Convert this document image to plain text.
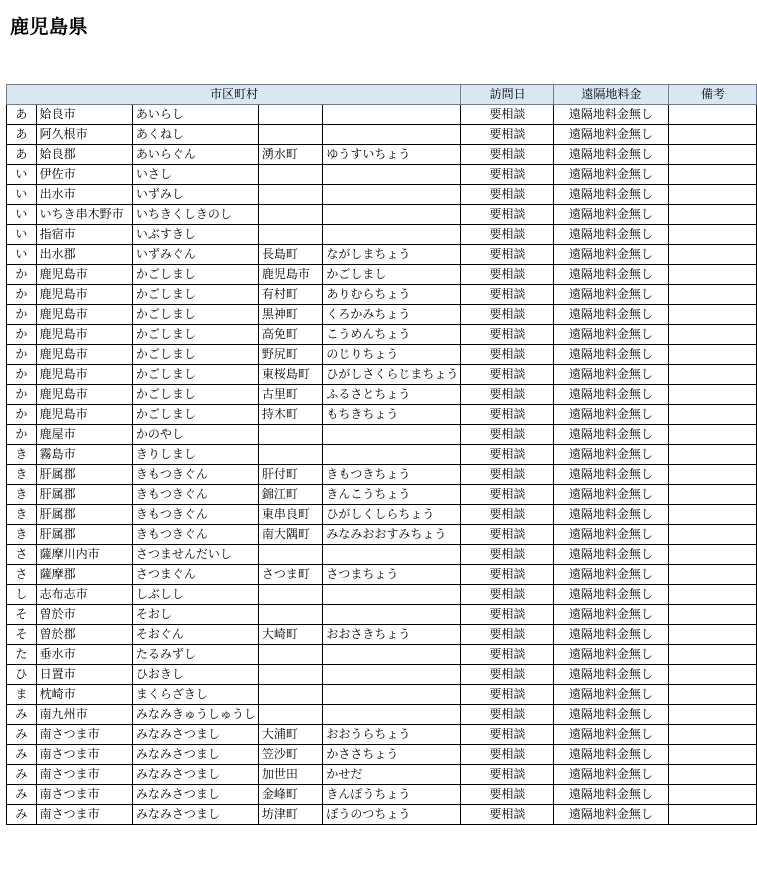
鹿児島県
市区町村					訪問日	遠隔地料金	備考
あ	姶良市	あいらし			要相談	遠隔地料金無し	
あ	阿久根市	あくねし			要相談	遠隔地料金無し	
あ	姶良郡	あいらぐん	湧水町	ゆうすいちょう	要相談	遠隔地料金無し	
い	伊佐市	いさし			要相談	遠隔地料金無し	
い	出水市	いずみし			要相談	遠隔地料金無し	
い	いちき串木野市	いちきくしきのし			要相談	遠隔地料金無し	
い	指宿市	いぶすきし			要相談	遠隔地料金無し	
い	出水郡	いずみぐん	長島町	ながしまちょう	要相談	遠隔地料金無し	
か	鹿児島市	かごしまし	鹿児島市	かごしまし	要相談	遠隔地料金無し	
か	鹿児島市	かごしまし	有村町	ありむらちょう	要相談	遠隔地料金無し	
か	鹿児島市	かごしまし	黒神町	くろかみちょう	要相談	遠隔地料金無し	
か	鹿児島市	かごしまし	高免町	こうめんちょう	要相談	遠隔地料金無し	
か	鹿児島市	かごしまし	野尻町	のじりちょう	要相談	遠隔地料金無し	
か	鹿児島市	かごしまし	東桜島町	ひがしさくらじまちょう	要相談	遠隔地料金無し	
か	鹿児島市	かごしまし	古里町	ふるさとちょう	要相談	遠隔地料金無し	
か	鹿児島市	かごしまし	持木町	もちきちょう	要相談	遠隔地料金無し	
か	鹿屋市	かのやし			要相談	遠隔地料金無し	
き	霧島市	きりしまし			要相談	遠隔地料金無し	
き	肝属郡	きもつきぐん	肝付町	きもつきちょう	要相談	遠隔地料金無し	
き	肝属郡	きもつきぐん	錦江町	きんこうちょう	要相談	遠隔地料金無し	
き	肝属郡	きもつきぐん	東串良町	ひがしくしらちょう	要相談	遠隔地料金無し	
き	肝属郡	きもつきぐん	南大隅町	みなみおおすみちょう	要相談	遠隔地料金無し	
さ	薩摩川内市	さつませんだいし			要相談	遠隔地料金無し	
さ	薩摩郡	さつまぐん	さつま町	さつまちょう	要相談	遠隔地料金無し	
し	志布志市	しぶしし			要相談	遠隔地料金無し	
そ	曽於市	そおし			要相談	遠隔地料金無し	
そ	曽於郡	そおぐん	大崎町	おおさきちょう	要相談	遠隔地料金無し	
た	垂水市	たるみずし			要相談	遠隔地料金無し	
ひ	日置市	ひおきし			要相談	遠隔地料金無し	
ま	枕崎市	まくらざきし			要相談	遠隔地料金無し	
み	南九州市	みなみきゅうしゅうし			要相談	遠隔地料金無し	
み	南さつま市	みなみさつまし	大浦町	おおうらちょう	要相談	遠隔地料金無し	
み	南さつま市	みなみさつまし	笠沙町	かささちょう	要相談	遠隔地料金無し	
み	南さつま市	みなみさつまし	加世田	かせだ	要相談	遠隔地料金無し	
み	南さつま市	みなみさつまし	金峰町	きんぽうちょう	要相談	遠隔地料金無し	
み	南さつま市	みなみさつまし	坊津町	ぼうのつちょう	要相談	遠隔地料金無し	
